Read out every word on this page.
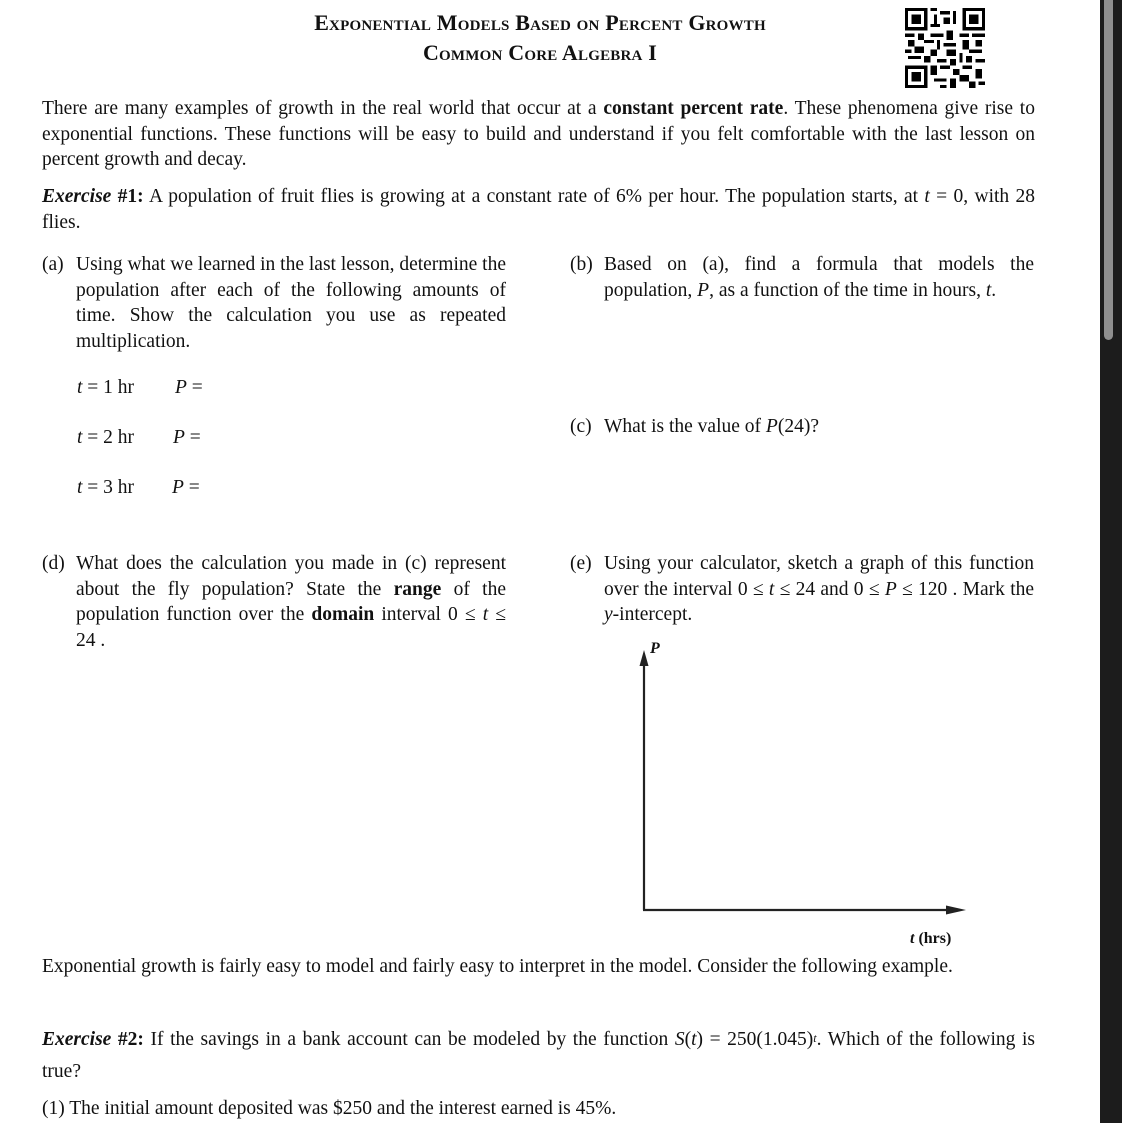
Exponential Models Based on Percent Growth
Common Core Algebra I
There are many examples of growth in the real world that occur at a constant percent rate. These phenomena give rise to exponential functions. These functions will be easy to build and understand if you felt comfortable with the last lesson on percent growth and decay.
Exercise #1: A population of fruit flies is growing at a constant rate of 6% per hour. The population starts, at t = 0, with 28 flies.
(a) Using what we learned in the last lesson, determine the population after each of the following amounts of time. Show the calculation you use as repeated multiplication.
t = 1 hr	P =
t = 2 hr	P =
t = 3 hr	P =
(b) Based on (a), find a formula that models the population, P, as a function of the time in hours, t.
(c) What is the value of P(24)?
(d) What does the calculation you made in (c) represent about the fly population? State the range of the population function over the domain interval 0 ≤ t ≤ 24 .
(e) Using your calculator, sketch a graph of this function over the interval 0 ≤ t ≤ 24 and 0 ≤ P ≤ 120 . Mark the y-intercept.
P
t (hrs)
Exponential growth is fairly easy to model and fairly easy to interpret in the model. Consider the following example.
Exercise #2: If the savings in a bank account can be modeled by the function $S(t) = 250(1.045)^t$. Which of the following is true?
(1) The initial amount deposited was $250 and the interest earned is 45%.
